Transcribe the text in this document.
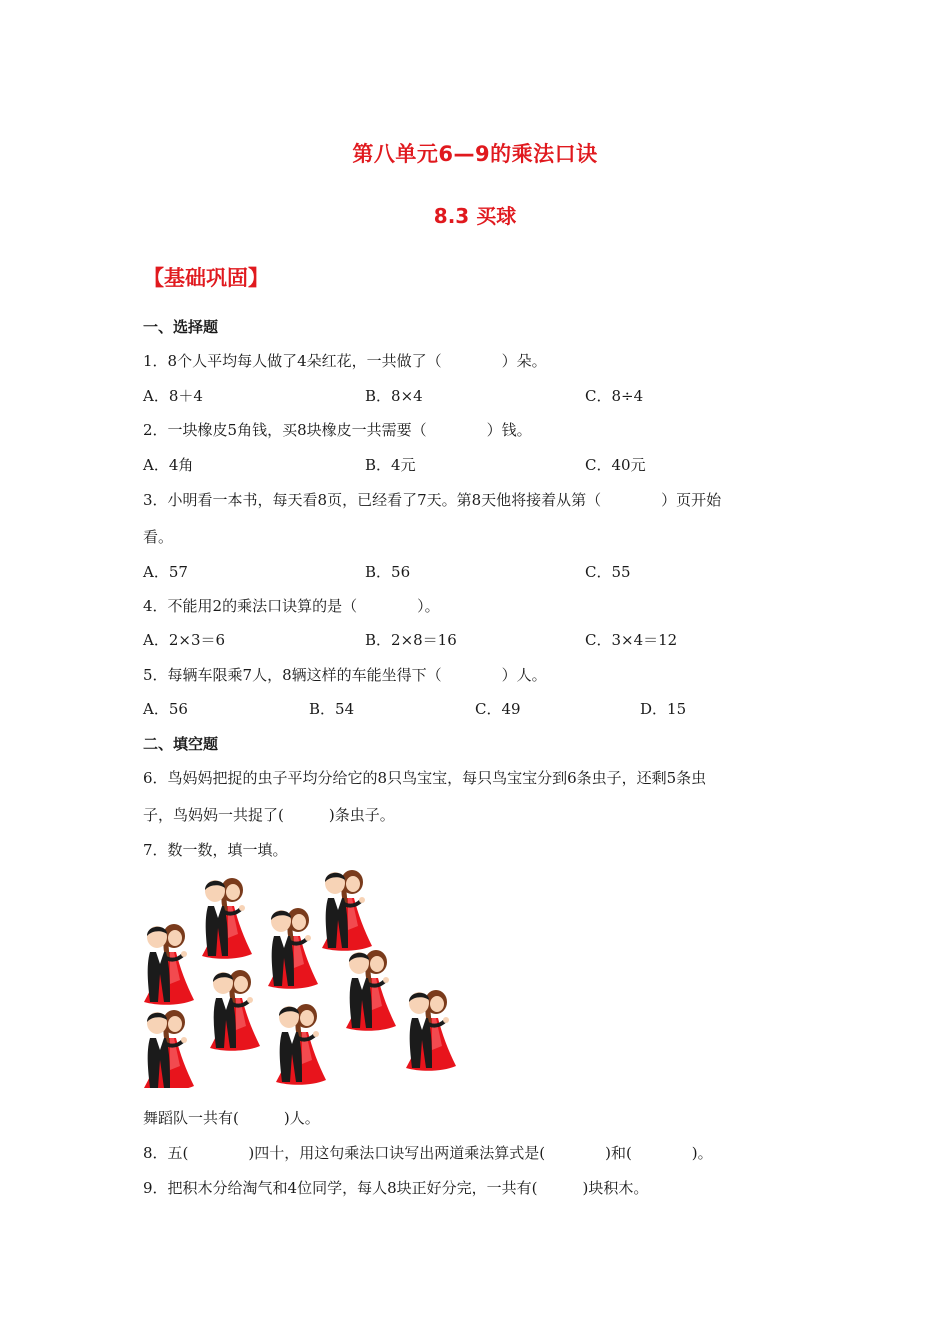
第八单元6—9的乘法口诀
8.3 买球
【基础巩固】
一、选择题
1．8个人平均每人做了4朵红花，一共做了（　　　　）朵。
A．8＋4	B．8×4	C．8÷4
2．一块橡皮5角钱，买8块橡皮一共需要（　　　　）钱。
A．4角	B．4元	C．40元
3．小明看一本书，每天看8页，已经看了7天。第8天他将接着从第（　　　　）页开始
看。
A．57	B．56	C．55
4．不能用2的乘法口诀算的是（　　　　）。
A．2×3＝6	B．2×8＝16	C．3×4＝12
5．每辆车限乘7人，8辆这样的车能坐得下（　　　　）人。
A．56	B．54	C．49	D．15
二、填空题
6．鸟妈妈把捉的虫子平均分给它的8只鸟宝宝，每只鸟宝宝分到6条虫子，还剩5条虫
子，鸟妈妈一共捉了(　　　)条虫子。
7．数一数，填一填。
舞蹈队一共有(　　　)人。
8．五(　　　　)四十，用这句乘法口诀写出两道乘法算式是(　　　　)和(　　　　)。
9．把积木分给淘气和4位同学，每人8块正好分完，一共有(　　　)块积木。
